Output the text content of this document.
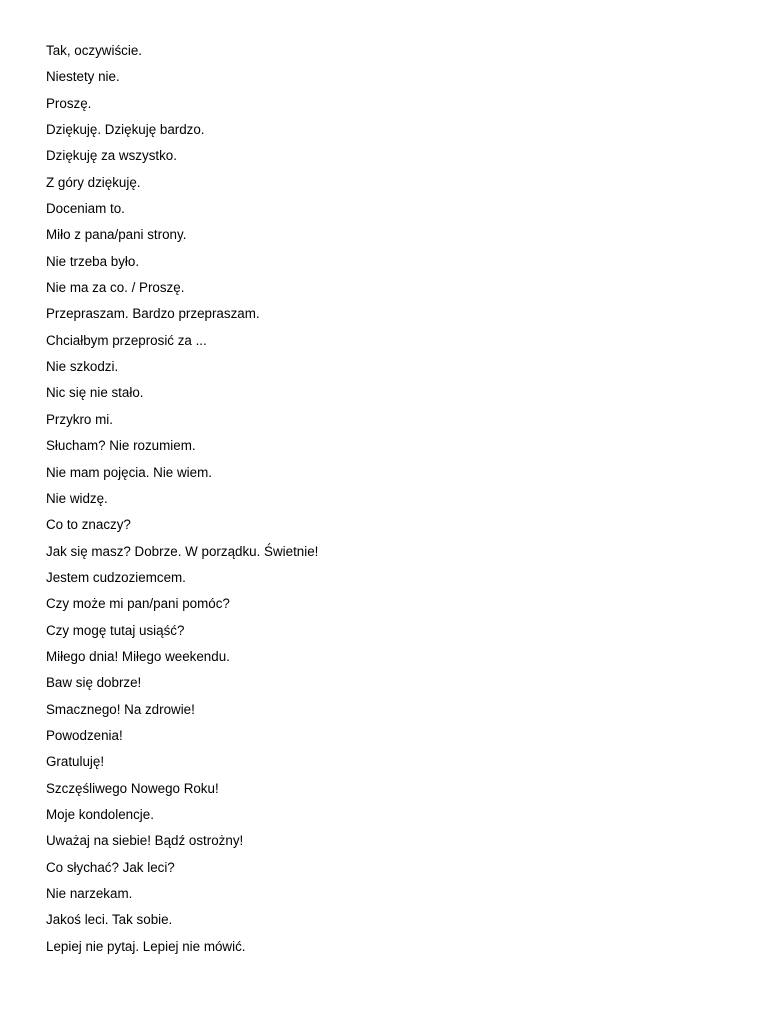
Tak, oczywiście.
Niestety nie.
Proszę.
Dziękuję. Dziękuję bardzo.
Dziękuję za wszystko.
Z góry dziękuję.
Doceniam to.
Miło z pana/pani strony.
Nie trzeba było.
Nie ma za co. / Proszę.
Przepraszam. Bardzo przepraszam.
Chciałbym przeprosić za ...
Nie szkodzi.
Nic się nie stało.
Przykro mi.
Słucham? Nie rozumiem.
Nie mam pojęcia. Nie wiem.
Nie widzę.
Co to znaczy?
Jak się masz? Dobrze. W porządku. Świetnie!
Jestem cudzoziemcem.
Czy może mi pan/pani pomóc?
Czy mogę tutaj usiąść?
Miłego dnia! Miłego weekendu.
Baw się dobrze!
Smacznego! Na zdrowie!
Powodzenia!
Gratuluję!
Szczęśliwego Nowego Roku!
Moje kondolencje.
Uważaj na siebie! Bądź ostrożny!
Co słychać? Jak leci?
Nie narzekam.
Jakoś leci. Tak sobie.
Lepiej nie pytaj. Lepiej nie mówić.
